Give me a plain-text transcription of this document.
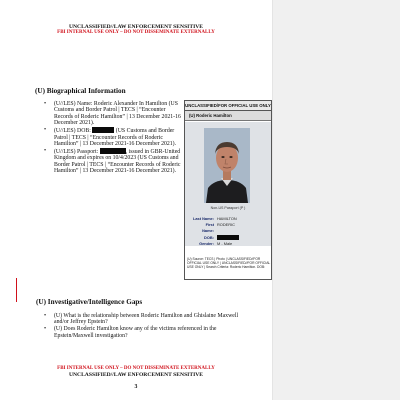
UNCLASSIFIED//LAW ENFORCEMENT SENSITIVE
FBI INTERNAL USE ONLY – DO NOT DISSEMINATE EXTERNALLY
(U) Biographical Information
• (U//LES) Name: Roderic Alexander In Hamilton (US Customs and Border Patrol | TECS | “Encounter Records of Roderic Hamilton” | 13 December 2021-16 December 2021).
• (U//LES) DOB:	(US Customs and Border Patrol | TECS | “Encounter Records of Roderic Hamilton” | 13 December 2021-16 December 2021).
• (U//LES) Passport:	, issued in GBR-United Kingdom and expires on 10/4/2023 (US Customs and Border Patrol | TECS | “Encounter Records of Roderic Hamilton” | 13 December 2021-16 December 2021).
UNCLASSIFIED/FOR OFFICIAL USE ONLY
(U) Roderic Hamilton
Non-US Passport (P )
Last Name: HAMILTON
First Name:
RODERIC
DOB:
Gender: M - Male
(U) Source: TECS | Photo | UNCLASSIFIED//FOR OFFICIAL USE ONLY | UNCLASSIFIED//FOR OFFICIAL USE ONLY | Search Criteria: Roderic Hamilton. DOB:
(U) Investigative/Intelligence Gaps
• (U) What is the relationship between Roderic Hamilton and Ghislaine Maxwell and/or Jeffrey Epstein?
• (U) Does Roderic Hamilton know any of the victims referenced in the Epstein/Maxwell investigation?
FBI INTERNAL USE ONLY – DO NOT DISSEMINATE EXTERNALLY
UNCLASSIFIED//LAW ENFORCEMENT SENSITIVE
3
